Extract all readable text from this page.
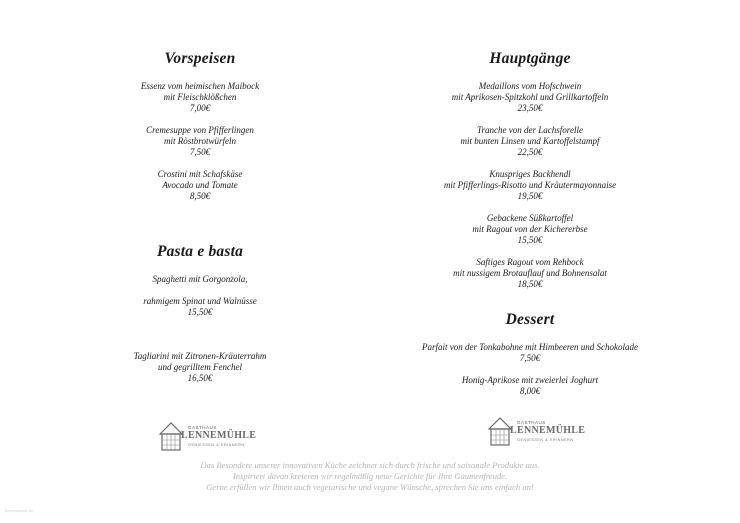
Vorspeisen
Essenz vom heimischen Maibock
mit Fleischklößchen
7,00€
Cremesuppe von Pfifferlingen
mit Röstbrotwürfeln
7,50€
Crostini mit Schafskäse
Avocado und Tomate
8,50€
Pasta e basta
Spaghetti mit Gorgonzola,
rahmigem Spinat und Walnüsse
15,50€
Tagliarini mit Zitronen-Kräuterrahm
und gegrilltem Fenchel
16,50€
Hauptgänge
Medaillons vom Hofschwein
mit Aprikosen-Spitzkohl und Grillkartoffeln
23,50€
Tranche von der Lachsforelle
mit bunten Linsen und Kartoffelstampf
22,50€
Knuspriges Backhendl
mit Pfifferlings-Risotto und Kräutermayonnaise
19,50€
Gebackene Süßkartoffel
mit Ragout von der Kichererbse
15,50€
Saftiges Ragout vom Rehbock
mit nussigem Brotauflauf und Bohnensalat
18,50€
Dessert
Parfait von der Tonkabohne mit Himbeeren und Schokolade
7,50€
Honig-Aprikose mit zweierlei Joghurt
8,00€
GASTHAUS
LENNEMÜHLE
GENIESSEN & ERINNERN
GASTHAUS
LENNEMÜHLE
GENIESSEN & ERINNERN
Das Besondere unserer innovativen Küche zeichnet sich durch frische und saisonale Produkte aus.
Inspiriert davon kreieren wir regelmäßig neue Gerichte für Ihre Gaumenfreude.
Gerne erfüllen wir Ihnen auch vegetarische und vegane Wünsche, sprechen Sie uns einfach an!
lennemuehle.de
